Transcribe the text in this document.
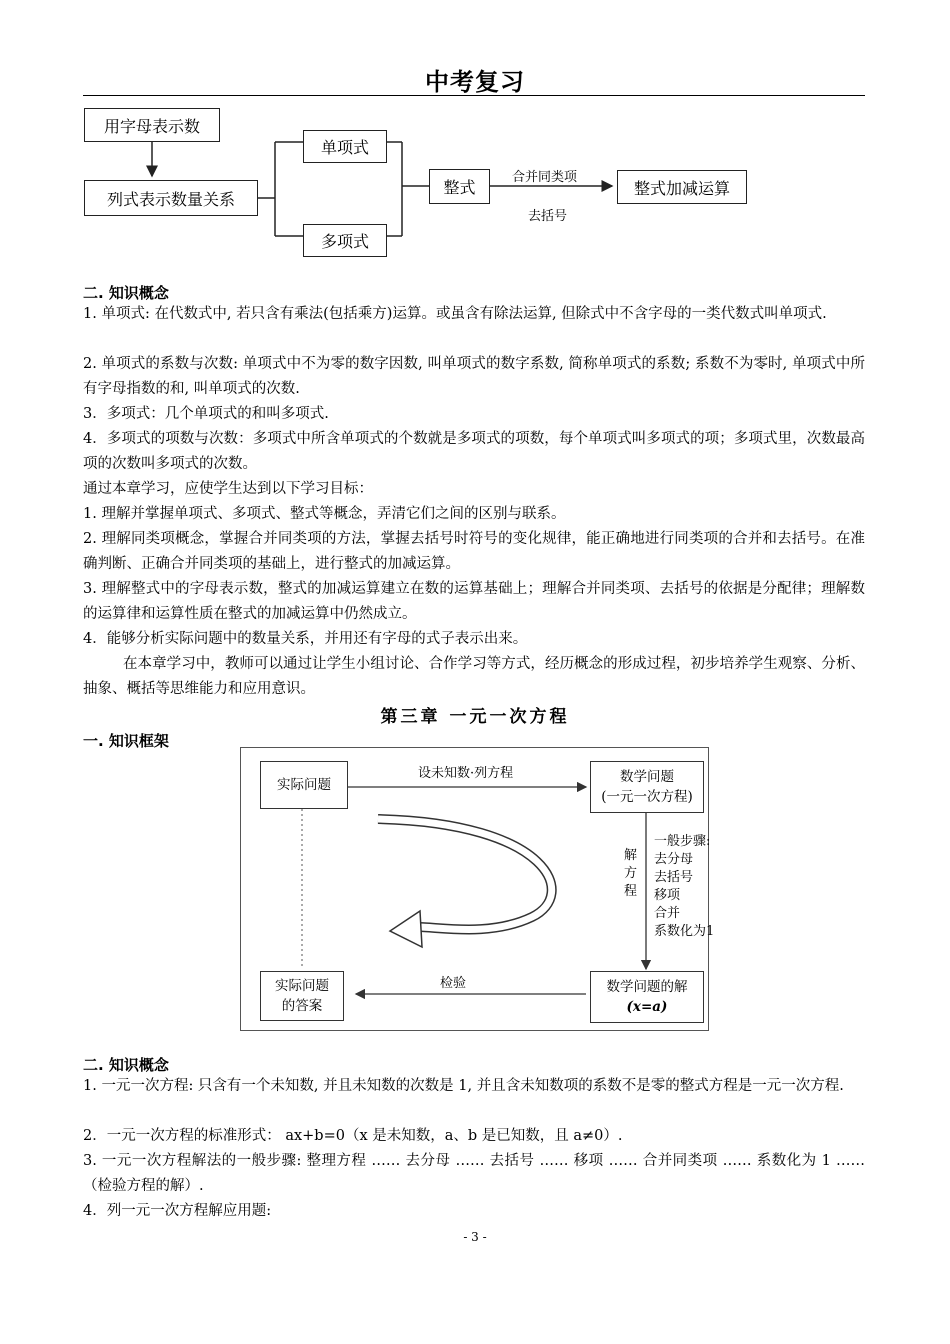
中考复习
用字母表示数
列式表示数量关系
单项式
多项式
整式
合并同类项
去括号
整式加减运算
二. 知识概念
1. 单项式: 在代数式中, 若只含有乘法(包括乘方)运算。或虽含有除法运算, 但除式中不含字母的一类代数式叫单项式.
2. 单项式的系数与次数: 单项式中不为零的数字因数, 叫单项式的数字系数, 简称单项式的系数; 系数不为零时, 单项式中所有字母指数的和, 叫单项式的次数.
3．多项式：几个单项式的和叫多项式.
4．多项式的项数与次数：多项式中所含单项式的个数就是多项式的项数，每个单项式叫多项式的项；多项式里，次数最高项的次数叫多项式的次数。
通过本章学习，应使学生达到以下学习目标：
1. 理解并掌握单项式、多项式、整式等概念，弄清它们之间的区别与联系。
2. 理解同类项概念，掌握合并同类项的方法，掌握去括号时符号的变化规律，能正确地进行同类项的合并和去括号。在准确判断、正确合并同类项的基础上，进行整式的加减运算。
3. 理解整式中的字母表示数，整式的加减运算建立在数的运算基础上；理解合并同类项、去括号的依据是分配律；理解数的运算律和运算性质在整式的加减运算中仍然成立。
4．能够分析实际问题中的数量关系，并用还有字母的式子表示出来。
在本章学习中，教师可以通过让学生小组讨论、合作学习等方式，经历概念的形成过程，初步培养学生观察、分析、抽象、概括等思维能力和应用意识。
第三章 一元一次方程
一. 知识框架
实际问题
设未知数·列方程	数学问题
(一元一次方程)
解方程
一般步骤:
去分母
去括号
移项
合并
系数化为1
实际问题
的答案
检验	数学问题的解
(x=a)
二. 知识概念
1. 一元一次方程: 只含有一个未知数, 并且未知数的次数是 1, 并且含未知数项的系数不是零的整式方程是一元一次方程.
2．一元一次方程的标准形式： ax+b=0（x 是未知数，a、b 是已知数，且 a≠0）.
3. 一元一次方程解法的一般步骤: 整理方程 …… 去分母 …… 去括号 …… 移项 …… 合并同类项 …… 系数化为 1 …… （检验方程的解）.
4．列一元一次方程解应用题:
- 3 -
